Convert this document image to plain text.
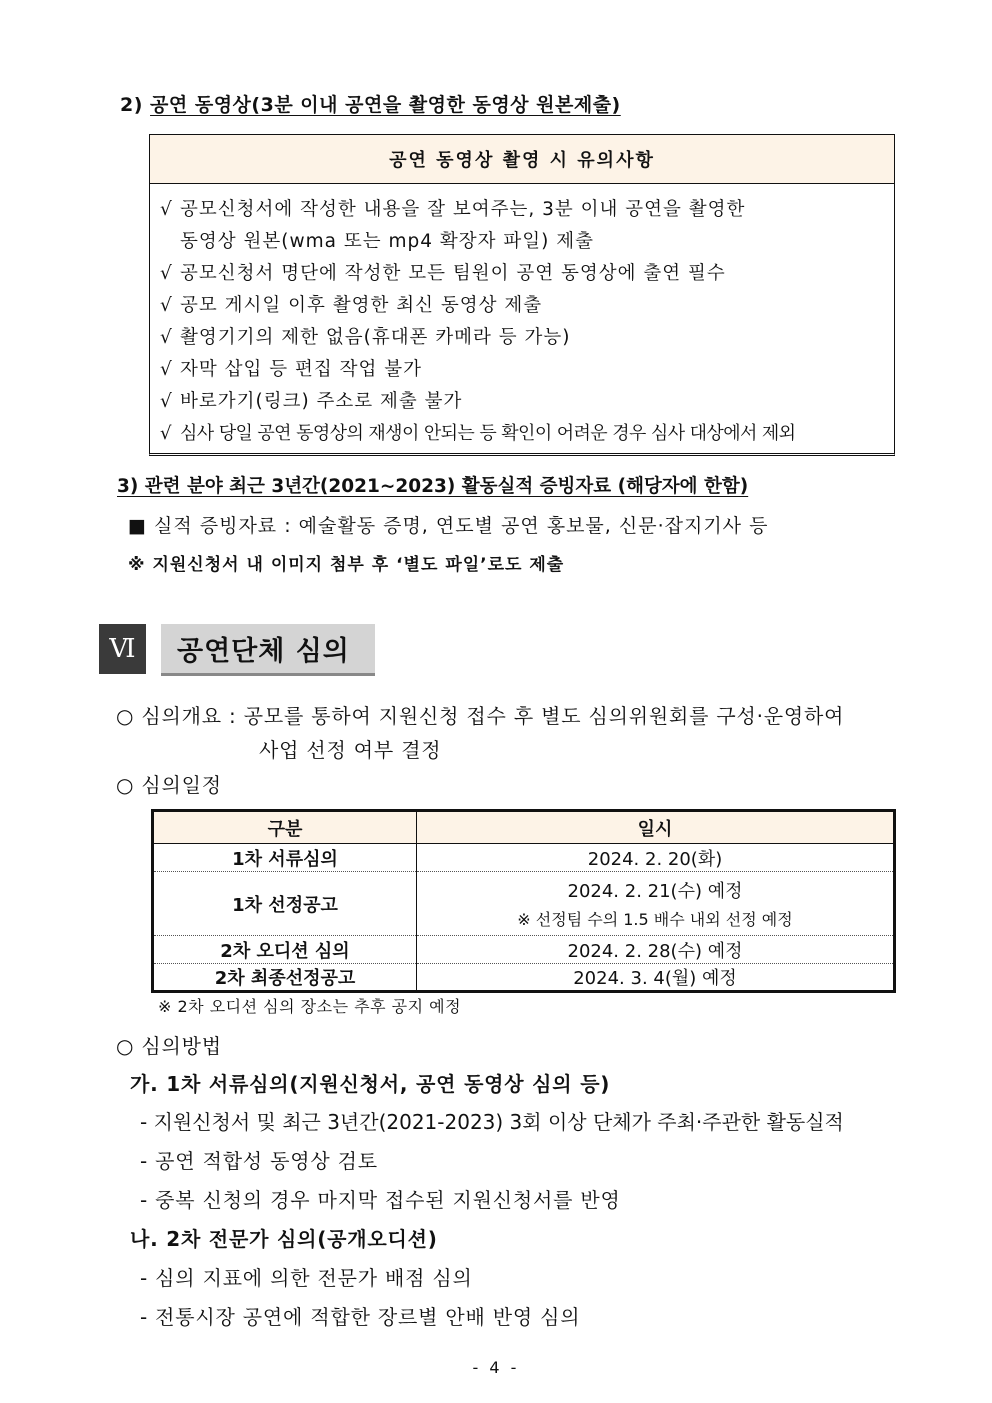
2) 공연 동영상(3분 이내 공연을 촬영한 동영상 원본제출)
공연 동영상 촬영 시 유의사항
√ 공모신청서에 작성한 내용을 잘 보여주는, 3분 이내 공연을 촬영한
동영상 원본(wma 또는 mp4 확장자 파일) 제출
√ 공모신청서 명단에 작성한 모든 팀원이 공연 동영상에 출연 필수
√ 공모 게시일 이후 촬영한 최신 동영상 제출
√ 촬영기기의 제한 없음(휴대폰 카메라 등 가능)
√ 자막 삽입 등 편집 작업 불가
√ 바로가기(링크) 주소로 제출 불가
√ 심사 당일 공연 동영상의 재생이 안되는 등 확인이 어려운 경우 심사 대상에서 제외
3) 관련 분야 최근 3년간(2021~2023) 활동실적 증빙자료 (해당자에 한함)
■ 실적 증빙자료 : 예술활동 증명, 연도별 공연 홍보물, 신문·잡지기사 등
※ 지원신청서 내 이미지 첨부 후 ‘별도 파일’로도 제출
Ⅵ	공연단체 심의
○ 심의개요 : 공모를 통하여 지원신청 접수 후 별도 심의위원회를 구성·운영하여
사업 선정 여부 결정
○ 심의일정
구분	일시
1차 서류심의	2024. 2. 20(화)
1차 선정공고	2024. 2. 21(수) 예정
※ 선정팀 수의 1.5 배수 내외 선정 예정

2차 오디션 심의	2024. 2. 28(수) 예정
2차 최종선정공고	2024. 3. 4(월) 예정
※ 2차 오디션 심의 장소는 추후 공지 예정
○ 심의방법
가. 1차 서류심의(지원신청서, 공연 동영상 심의 등)
- 지원신청서 및 최근 3년간(2021-2023) 3회 이상 단체가 주최·주관한 활동실적
- 공연 적합성 동영상 검토
- 중복 신청의 경우 마지막 접수된 지원신청서를 반영
나. 2차 전문가 심의(공개오디션)
- 심의 지표에 의한 전문가 배점 심의
- 전통시장 공연에 적합한 장르별 안배 반영 심의
- 4 -
